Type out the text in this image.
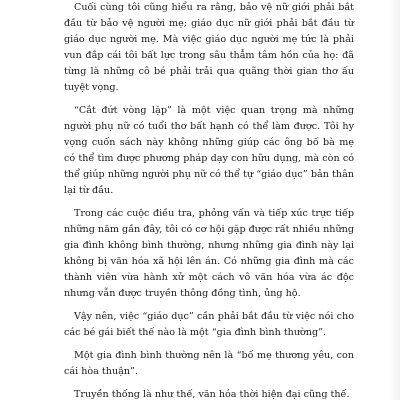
Cuối cùng tôi cũng hiểu ra rằng, bảo vệ nữ giới phải bắt đầu từ bảo vệ người mẹ; giáo dục nữ giới phải bắt đầu từ giáo dục người mẹ. Mà việc giáo dục người mẹ tức là phải vun đắp cái tôi bất lực trong sâu thẳm tâm hồn của họ: đã từng là những cô bé phải trải qua quãng thời gian thơ ấu tuyệt vọng.

“Cắt đứt vòng lặp” là một việc quan trọng mà những người phụ nữ có tuổi thơ bất hạnh có thể làm được. Tôi hy vọng cuốn sách này không những giúp các ông bố bà mẹ có thể tìm được phương pháp dạy con hữu dụng, mà còn có thể giúp những người phụ nữ có thể tự “giáo dục” bản thân lại từ đầu.

Trong các cuộc điều tra, phỏng vấn và tiếp xúc trực tiếp những năm gần đây, tôi có cơ hội gặp được rất nhiều những gia đình không bình thường, nhưng những gia đình này lại không bị văn hóa xã hội lên án. Có những gia đình mà các thành viên vừa hành xử một cách vô văn hóa vừa ác độc nhưng vẫn được truyền thông đồng tình, ủng hộ.

Vậy nên, việc “giáo dục” cần phải bắt đầu từ việc nói cho các bé gái biết thế nào là một “gia đình bình thường”.

Một gia đình bình thường nên là “bố mẹ thương yêu, con cái hòa thuận”.

Truyền thống là như thế, văn hóa thời hiện đại cũng thế.
